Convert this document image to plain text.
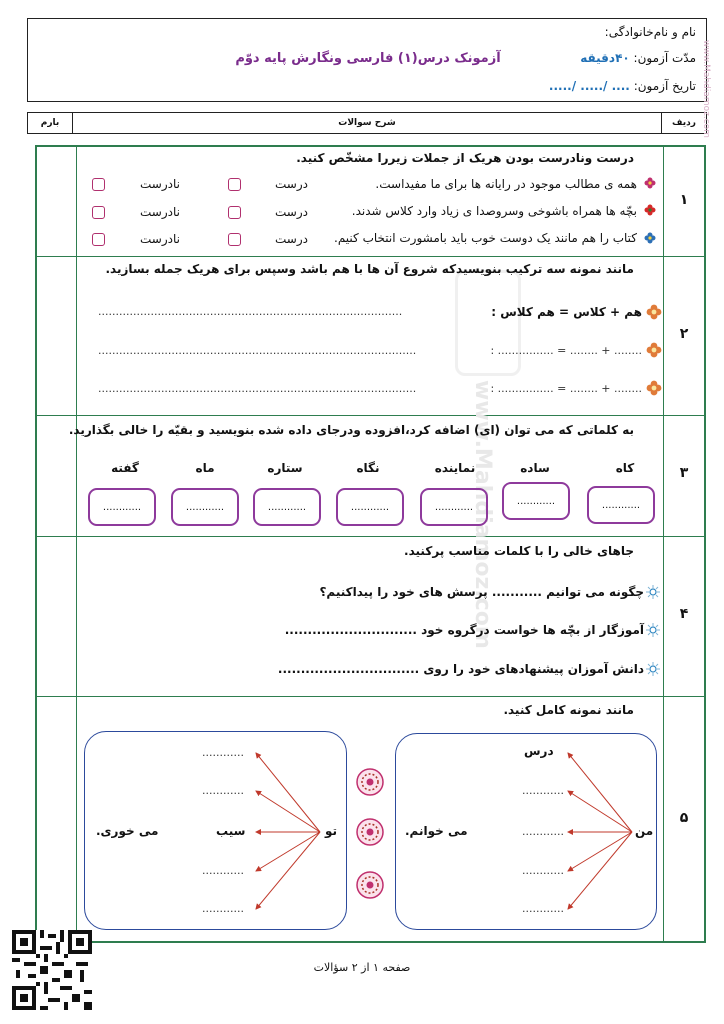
نام و نام‌خانوادگی:
مدّت آزمون: ۴۰دقیقه
آزمونک درس(۱) فارسی ونگارش پایه دوّم
تاریخ آزمون: .... /..... /.....
ردیف
شرح سوالات
بارم
www.Mahdiamoz.com
۱
درست ونادرست بودن هریک از جملات زیررا مشخّص کنید.
همه ی مطالب موجود در رایانه ها برای ما مفیداست.
درست
نادرست
بچّه ها همراه باشوخی وسروصدا ی زیاد وارد کلاس شدند.
درست
نادرست
کتاب را هم مانند یک دوست خوب باید بامشورت انتخاب کنیم.
درست
نادرست
۲
مانند نمونه سه ترکیب بنویسیدکه شروع آن ها با هم باشد وسپس برای هریک جمله بسازید.
هم + کلاس = هم کلاس :
.......................................................................................
........ + ........ = ................ :
...........................................................................................
........ + ........ = ................ :
...........................................................................................
۳
به کلماتی که می توان (ای) اضافه کرد،افزوده ودرجای داده شده بنویسید و بقیّه را خالی بگذارید.
کاه
............
ساده
............
نماینده
............
نگاه
............
ستاره
............
ماه
............
گفته
............
۴
جاهای خالی را با کلمات مناسب پرکنید.
چگونه می توانیم ........... پرسش های خود را پیداکنیم؟
آموزگار از بچّه ها خواست درگروه خود .............................
دانش آموزان پیشنهادهای خود را روی ...............................
۵
مانند نمونه کامل کنید.
من
درس
............
............
............
............
می خوانم.
تو
............
............
سیب
............
............
می خوری.
www.Mahdiamoz.com
صفحه ۱ از ۲ سؤالات
